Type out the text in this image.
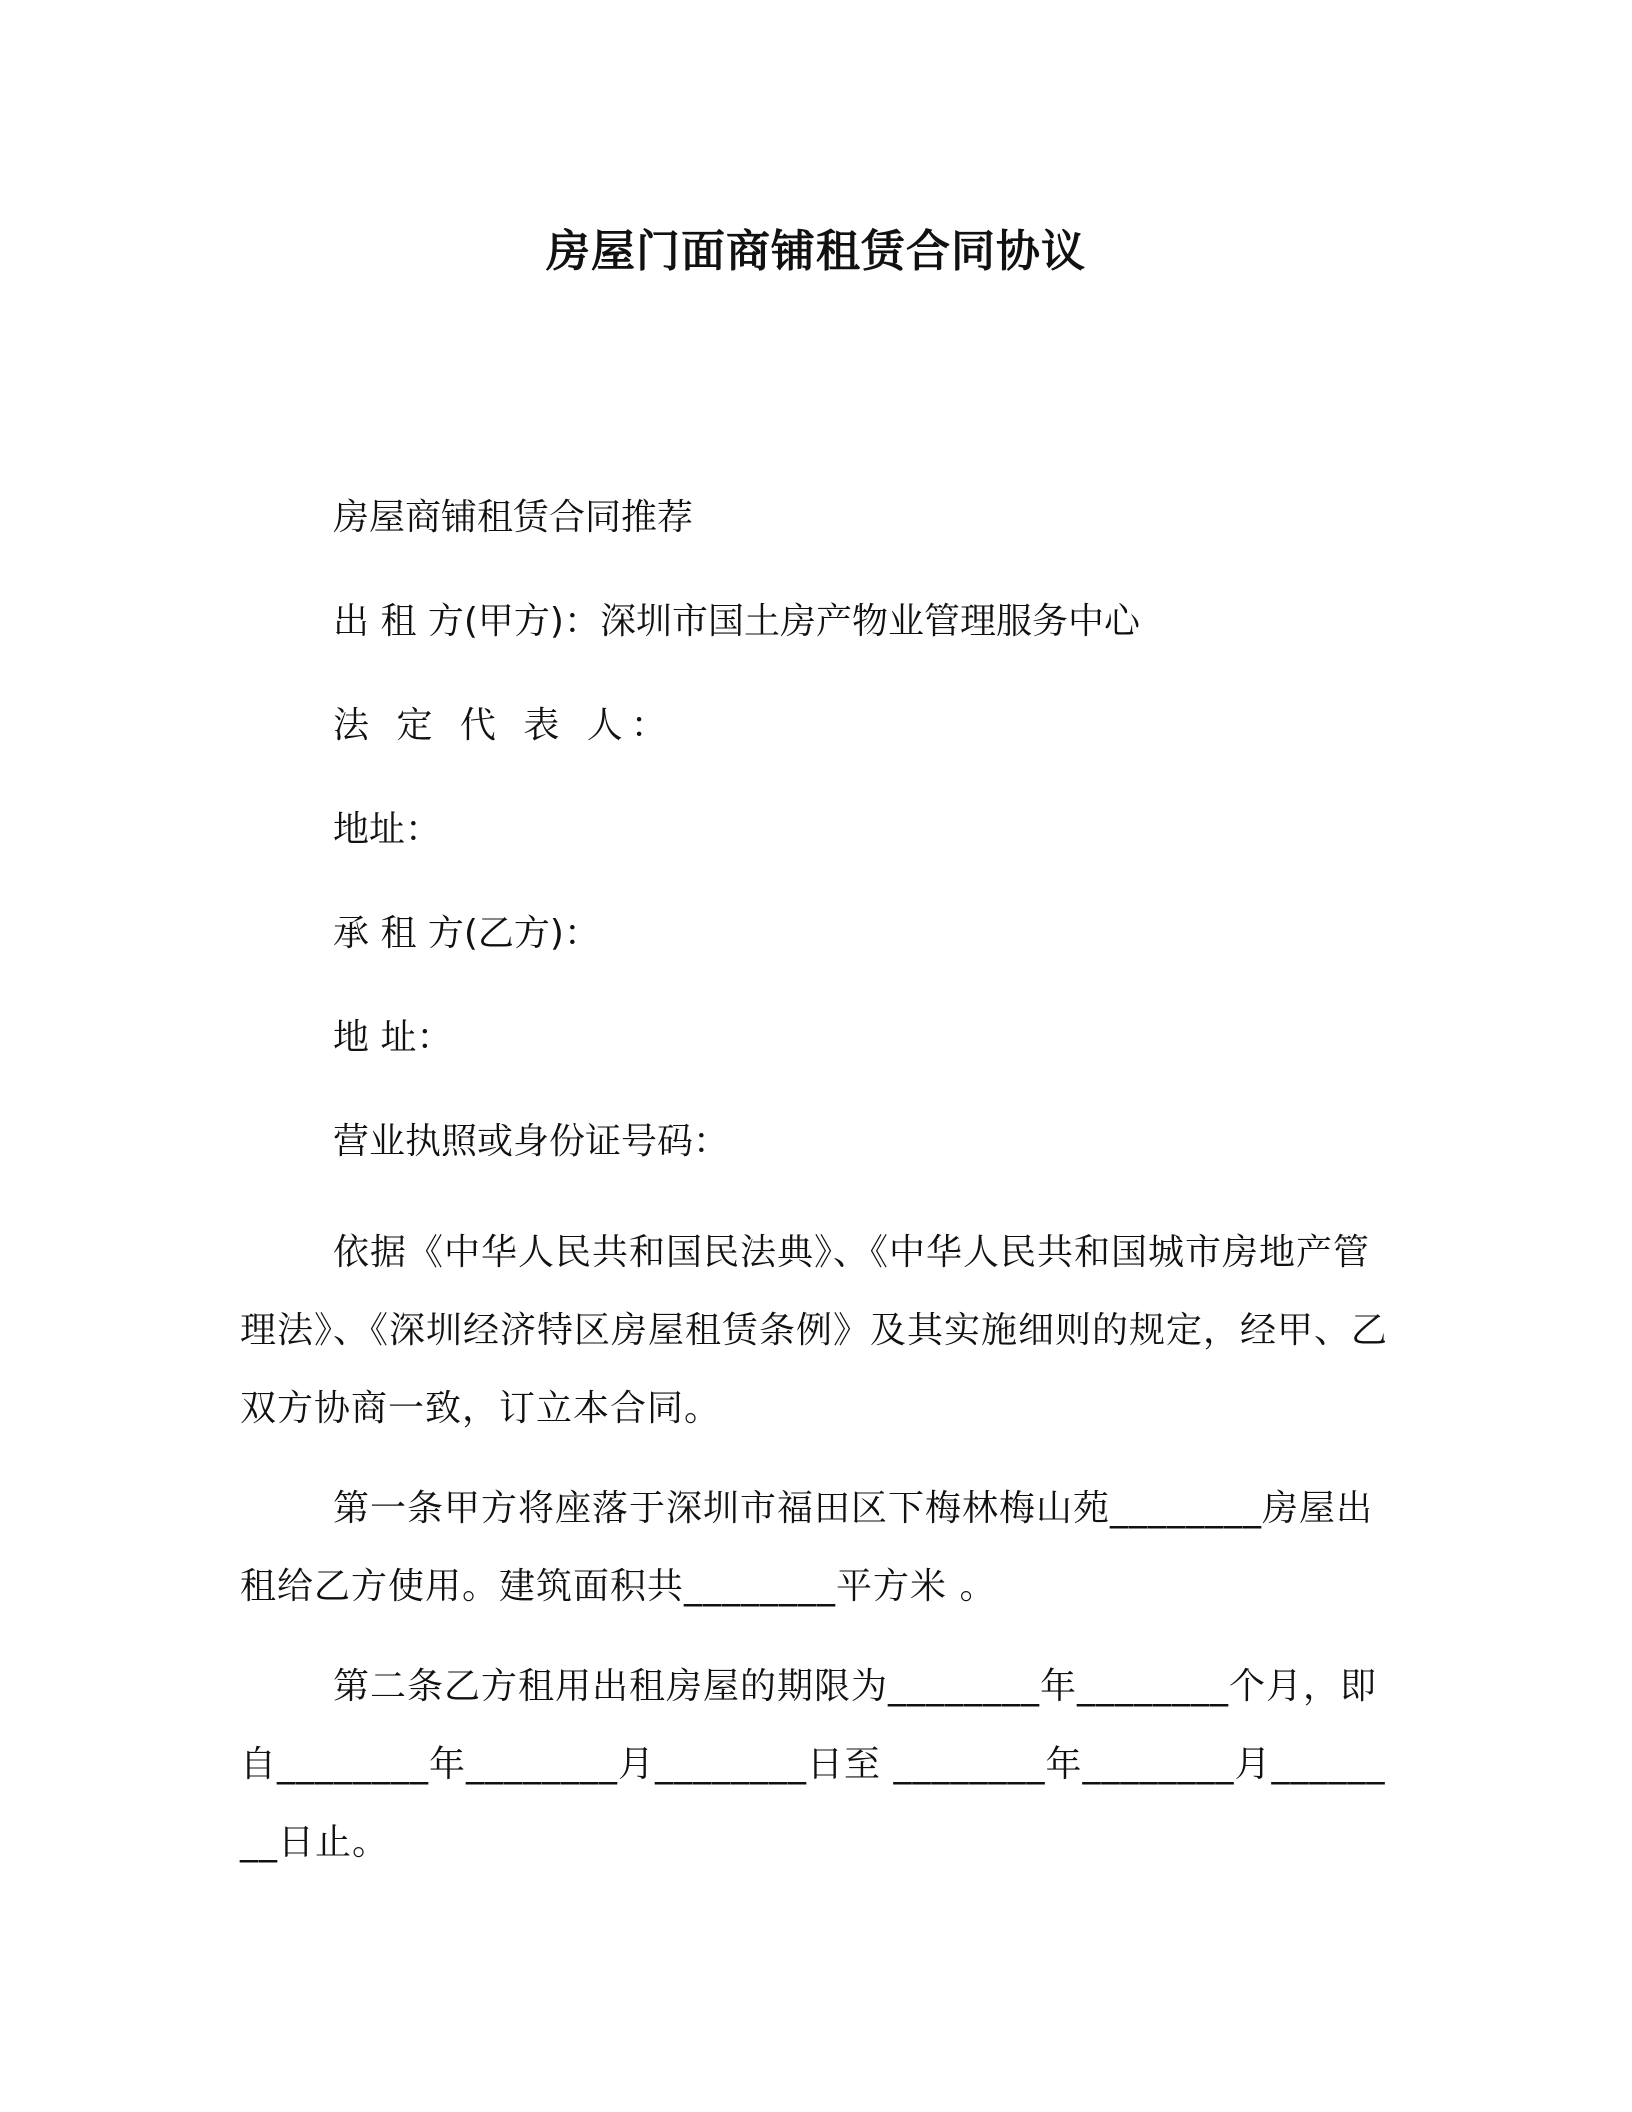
房屋门面商铺租赁合同协议
房屋商铺租赁合同推荐
出 租 方(甲方)：深圳市国土房产物业管理服务中心
法 定 代 表 人：
地址：
承 租 方(乙方)：
地 址：
营业执照或身份证号码：
依据《中华人民共和国民法典》、《中华人民共和国城市房地产管理法》、《深圳经济特区房屋租赁条例》及其实施细则的规定，经甲、乙双方协商一致，订立本合同。
第一条甲方将座落于深圳市福田区下梅林梅山苑________房屋出租给乙方使用。建筑面积共________平方米 。
第二条乙方租用出租房屋的期限为________年________个月，即自________年________月________日至 ________年________月________日止。
